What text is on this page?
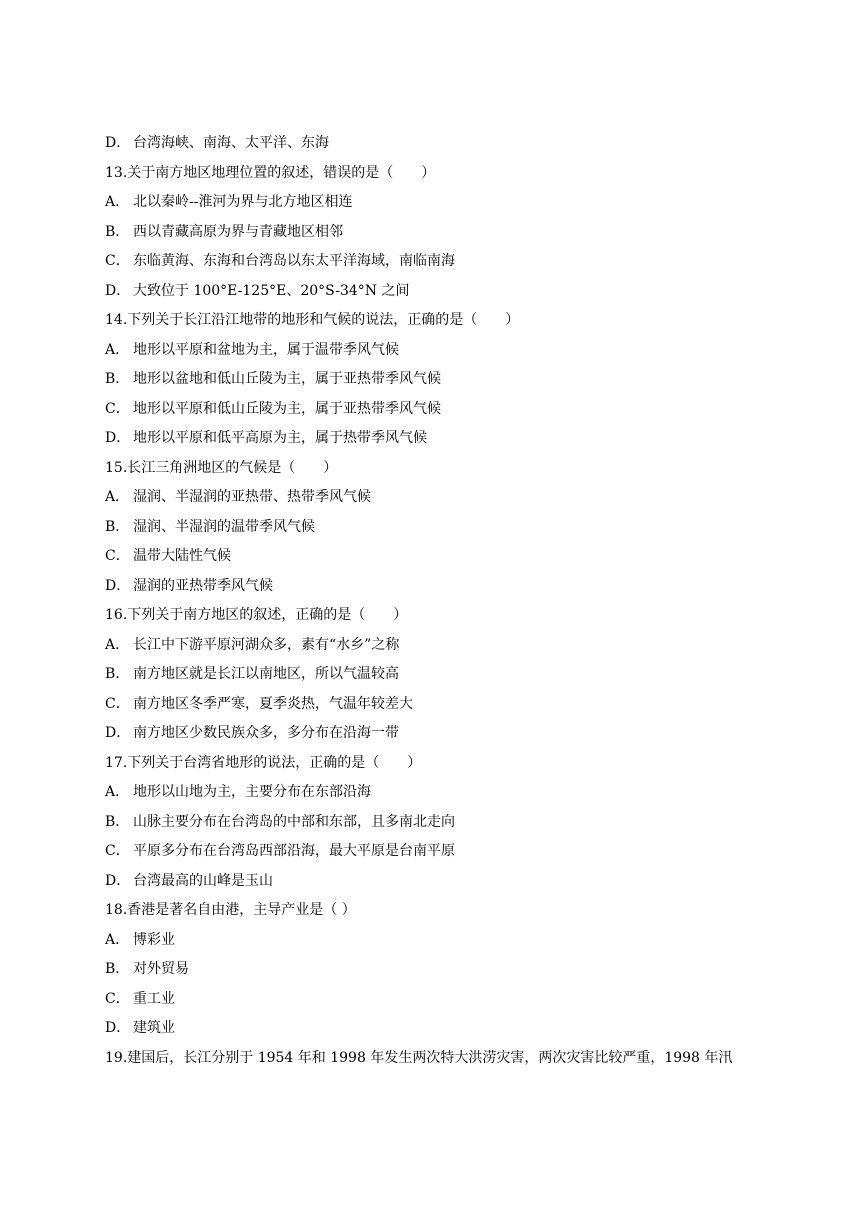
D． 台湾海峡、南海、太平洋、东海
13.关于南方地区地理位置的叙述，错误的是（　　）
A． 北以秦岭--淮河为界与北方地区相连
B． 西以青藏高原为界与青藏地区相邻
C． 东临黄海、东海和台湾岛以东太平洋海域，南临南海
D． 大致位于 100°E-125°E、20°S-34°N 之间
14.下列关于长江沿江地带的地形和气候的说法，正确的是（　　）
A． 地形以平原和盆地为主，属于温带季风气候
B． 地形以盆地和低山丘陵为主，属于亚热带季风气候
C． 地形以平原和低山丘陵为主，属于亚热带季风气候
D． 地形以平原和低平高原为主，属于热带季风气候
15.长江三角洲地区的气候是（　　）
A． 湿润、半湿润的亚热带、热带季风气候
B． 湿润、半湿润的温带季风气候
C． 温带大陆性气候
D． 湿润的亚热带季风气候
16.下列关于南方地区的叙述，正确的是（　　）
A． 长江中下游平原河湖众多，素有“水乡”之称
B． 南方地区就是长江以南地区，所以气温较高
C． 南方地区冬季严寒，夏季炎热，气温年较差大
D． 南方地区少数民族众多，多分布在沿海一带
17.下列关于台湾省地形的说法，正确的是（　　）
A． 地形以山地为主，主要分布在东部沿海
B． 山脉主要分布在台湾岛的中部和东部，且多南北走向
C． 平原多分布在台湾岛西部沿海，最大平原是台南平原
D． 台湾最高的山峰是玉山
18.香港是著名自由港，主导产业是（ ）
A． 博彩业
B． 对外贸易
C． 重工业
D． 建筑业
19.建国后，长江分别于 1954 年和 1998 年发生两次特大洪涝灾害，两次灾害比较严重，1998 年汛
